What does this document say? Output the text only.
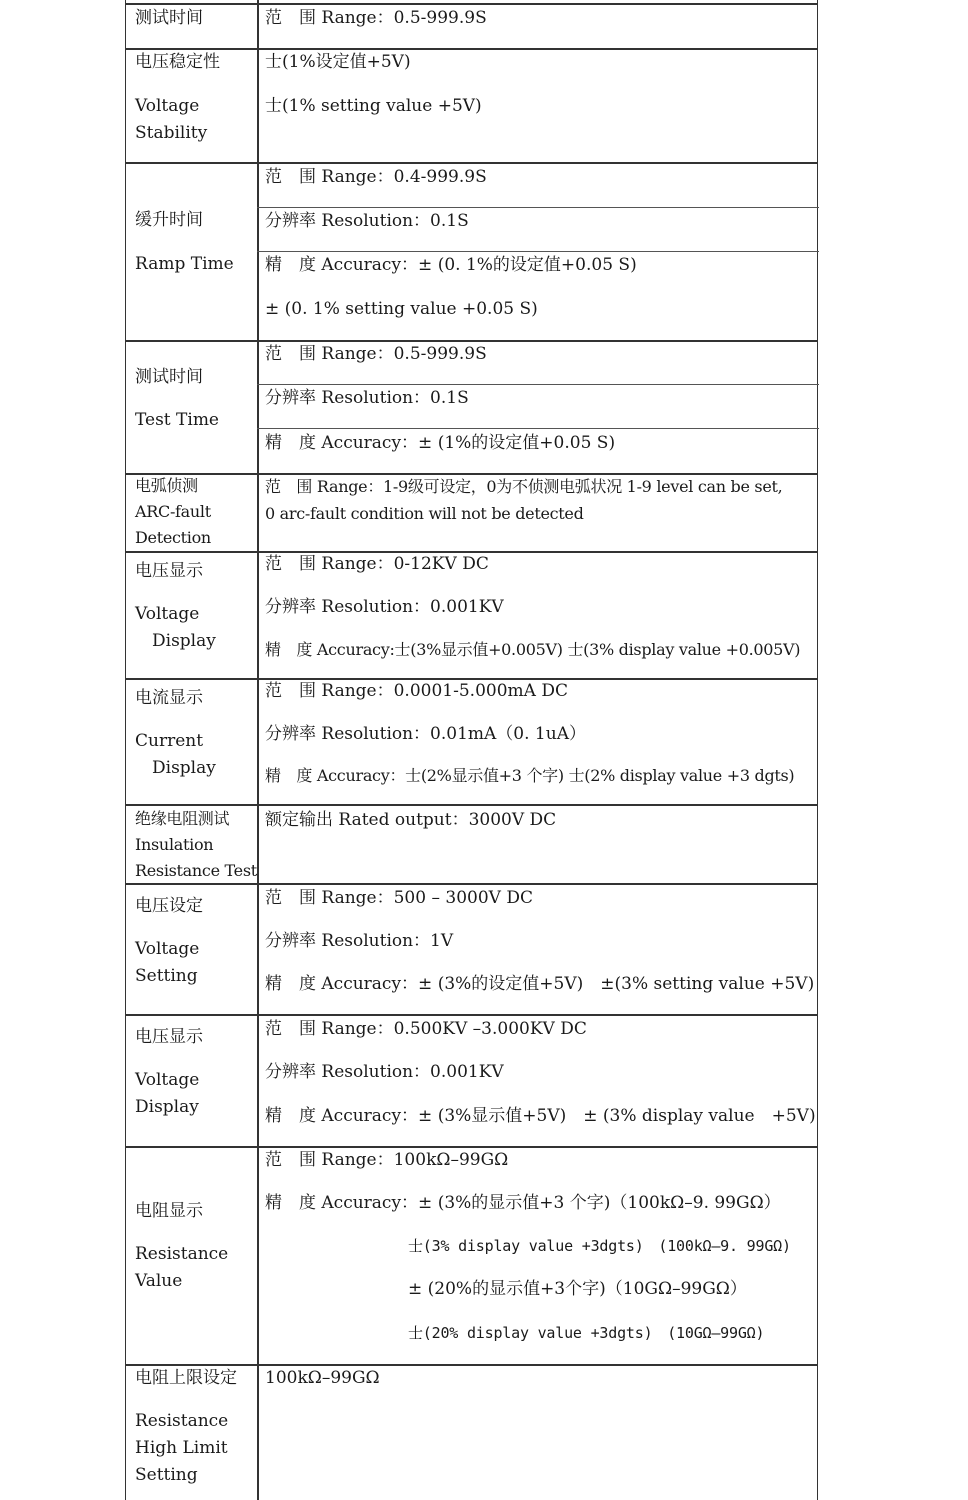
测试时间	范　围 Range：0.5-999.9S
电压稳定性
Voltage
Stability
士(1%设定值+5V)
士(1% setting value +5V)
缓升时间
Ramp Time
范　围 Range：0.4-999.9S
分辨率 Resolution：0.1S
精　度 Accuracy：± (0. 1%的设定值+0.05 S)
± (0. 1% setting value +0.05 S)
测试时间
Test Time
范　围 Range：0.5-999.9S
分辨率 Resolution：0.1S
精　度 Accuracy：± (1%的设定值+0.05 S)
电弧侦测
ARC-fault
Detection
范　围 Range：1-9级可设定，0为不侦测电弧状况 1-9 level can be set,
0 arc-fault condition will not be detected
电压显示
Voltage
Display
范　围 Range：0-12KV DC
分辨率 Resolution：0.001KV
精　度 Accuracy:士(3%显示值+0.005V) 士(3% display value +0.005V)
电流显示
Current
Display
范　围 Range：0.0001-5.000mA DC
分辨率 Resolution：0.01mA（0. 1uA）
精　度 Accuracy：士(2%显示值+3 个字) 士(2% display value +3 dgts)
绝缘电阻测试
Insulation
Resistance Test
额定输出 Rated output：3000V DC
电压设定
Voltage
Setting
范　围 Range：500 – 3000V DC
分辨率 Resolution：1V
精　度 Accuracy：± (3%的设定值+5V)　±(3% setting value +5V)
电压显示
Voltage
Display
范　围 Range：0.500KV –3.000KV DC
分辨率 Resolution：0.001KV
精　度 Accuracy：± (3%显示值+5V)　± (3% display value　+5V)
电阻显示
Resistance
Value
范　围 Range：100kΩ–99GΩ
精　度 Accuracy：± (3%的显示值+3 个字)（100kΩ–9. 99GΩ）
士(3% display value +3dgts)　(100kΩ–9. 99GΩ)
± (20%的显示值+3个字)（10GΩ–99GΩ）
士(20% display value +3dgts)　(10GΩ–99GΩ)
电阻上限设定
Resistance
High Limit
Setting
100kΩ–99GΩ
